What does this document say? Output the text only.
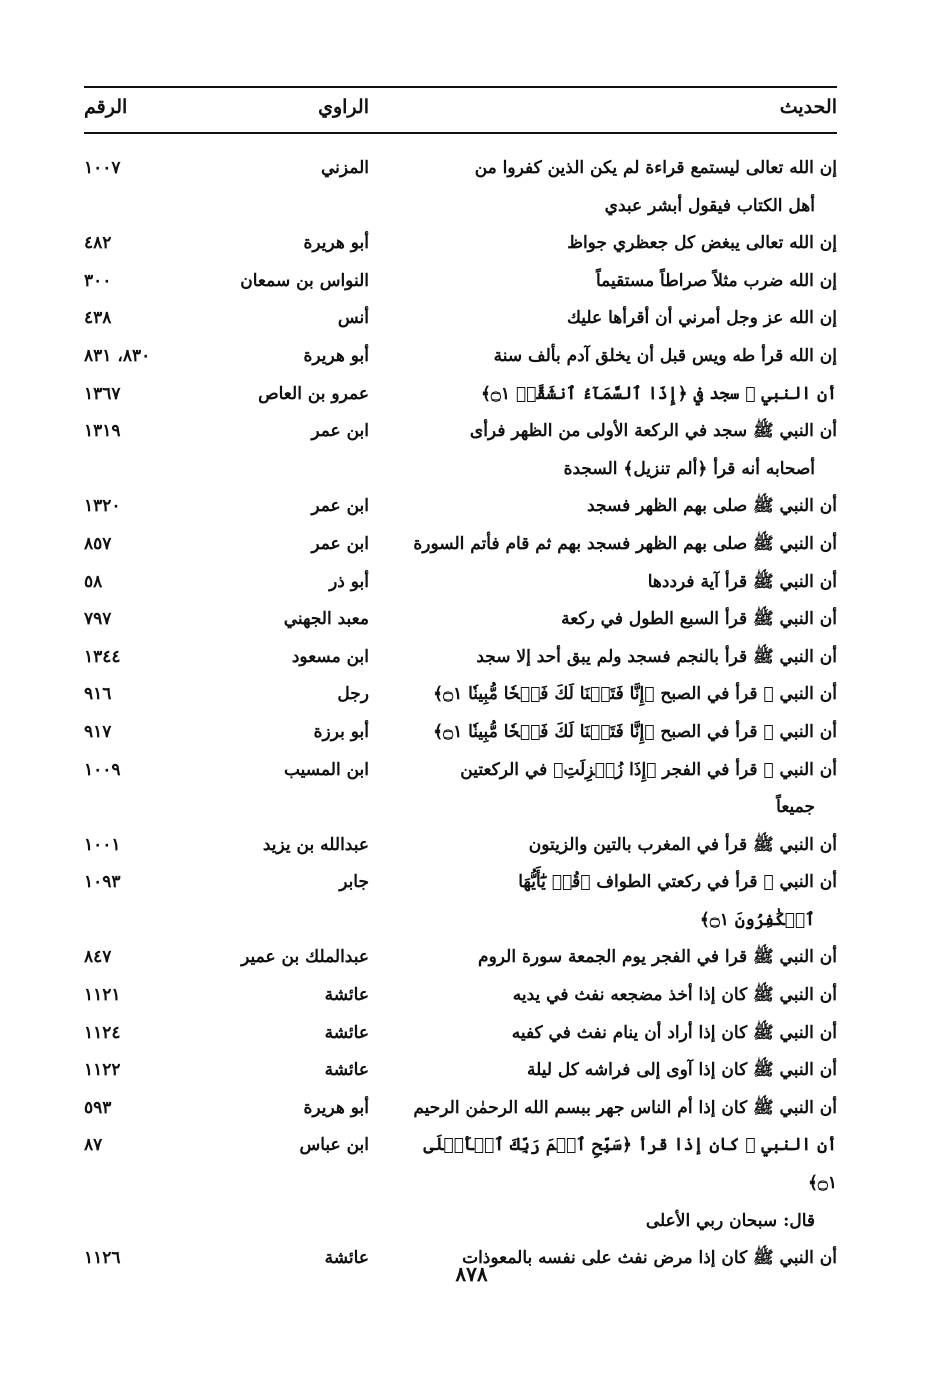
الحديث
الراوي
الرقم
إن الله تعالى ليستمع قراءة لم يكن الذين كفروا من
أهل الكتاب فيقول أبشر عبدي
المزني
١٠٠٧
إن الله تعالى يبغض كل جعظري جواظ
أبو هريرة
٤٨٢
إن الله ضرب مثلاً صراطاً مستقيماً
النواس بن سمعان
٣٠٠
إن الله عز وجل أمرني أن أقرأها عليك
أنس
٤٣٨
إن الله قرأ طه ويس قبل أن يخلق آدم بألف سنة
أبو هريرة
٨٣٠، ٨٣١
أن النبي ﷺ سجد في ﴿إِذَا ٱلسَّمَآءُ ٱنشَقَّتۡ ۝١﴾
عمرو بن العاص
١٣٦٧
أن النبي ﷺ سجد في الركعة الأولى من الظهر فرأى
أصحابه أنه قرأ ﴿ألم تنزيل﴾ السجدة
ابن عمر
١٣١٩
أن النبي ﷺ صلى بهم الظهر فسجد
ابن عمر
١٣٢٠
أن النبي ﷺ صلى بهم الظهر فسجد بهم ثم قام فأتم السورة
ابن عمر
٨٥٧
أن النبي ﷺ قرأ آية فرددها
أبو ذر
٥٨
أن النبي ﷺ قرأ السبع الطول في ركعة
معبد الجهني
٧٩٧
أن النبي ﷺ قرأ بالنجم فسجد ولم يبق أحد إلا سجد
ابن مسعود
١٣٤٤
أن النبي ﷺ قرأ في الصبح ﴿إِنَّا فَتَحۡنَا لَكَ فَتۡحٗا مُّبِينٗا ۝١﴾
رجل
٩١٦
أن النبي ﷺ قرأ في الصبح ﴿إِنَّا فَتَحۡنَا لَكَ فَتۡحٗا مُّبِينٗا ۝١﴾
أبو برزة
٩١٧
أن النبي ﷺ قرأ في الفجر ﴿إِذَا زُلۡزِلَتِ﴾ في الركعتين
جميعاً
ابن المسيب
١٠٠٩
أن النبي ﷺ قرأ في المغرب بالتين والزيتون
عبدالله بن يزيد
١٠٠١
أن النبي ﷺ قرأ في ركعتي الطواف ﴿قُلۡ يَٰٓأَيُّهَا
ٱلۡكَٰفِرُونَ ۝١﴾
جابر
١٠٩٣
أن النبي ﷺ قرا في الفجر يوم الجمعة سورة الروم
عبدالملك بن عمير
٨٤٧
أن النبي ﷺ كان إذا أخذ مضجعه نفث في يديه
عائشة
١١٢١
أن النبي ﷺ كان إذا أراد أن ينام نفث في كفيه
عائشة
١١٢٤
أن النبي ﷺ كان إذا آوى إلى فراشه كل ليلة
عائشة
١١٢٢
أن النبي ﷺ كان إذا أم الناس جهر ببسم الله الرحمٰن الرحيم
أبو هريرة
٥٩٣
أن النبي ﷺ كان إذا قرأ ﴿سَبِّحِ ٱسۡمَ رَبِّكَ ٱلۡأَعۡلَى ۝١﴾
قال: سبحان ربي الأعلى
ابن عباس
٨٧
أن النبي ﷺ كان إذا مرض نفث على نفسه بالمعوذات
عائشة
١١٢٦
٨٧٨
